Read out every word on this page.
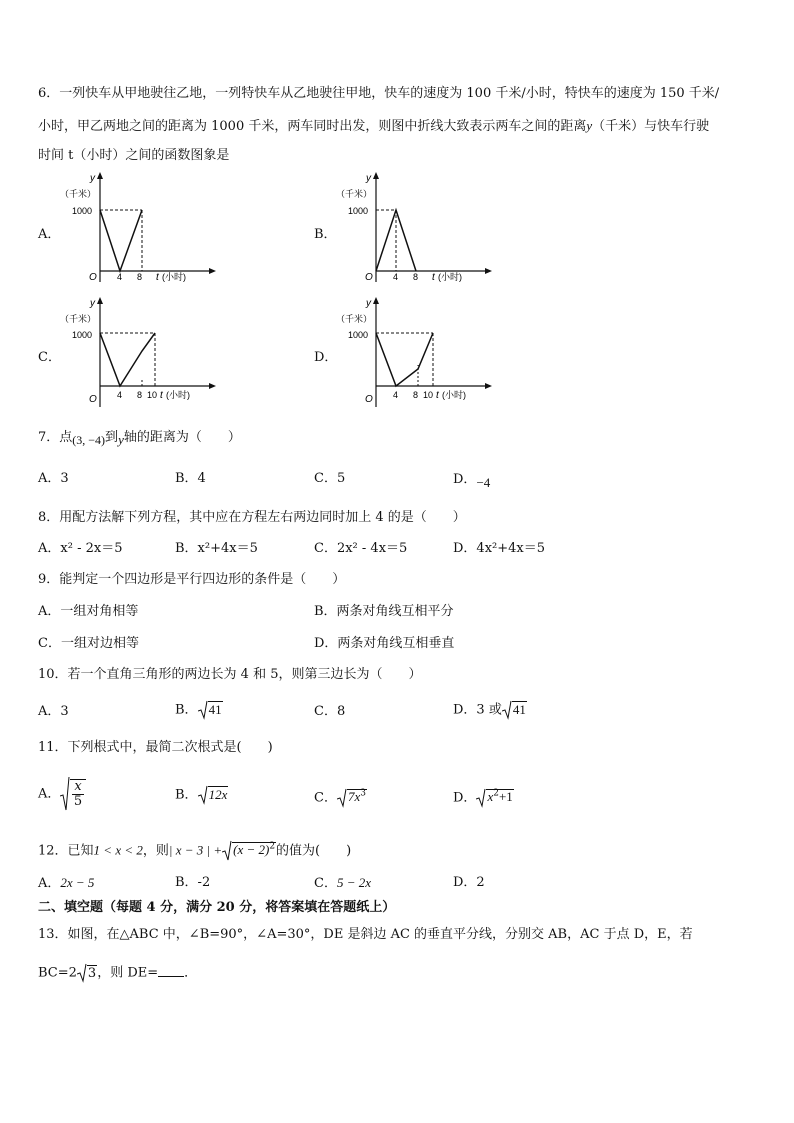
6．一列快车从甲地驶往乙地，一列特快车从乙地驶往甲地，快车的速度为 100 千米/小时，特快车的速度为 150 千米/
小时，甲乙两地之间的距离为 1000 千米，两车同时出发，则图中折线大致表示两车之间的距离y（千米）与快车行驶
时间 t（小时）之间的函数图象是
A．	B．
C．	D．
y
（千米）
1000
O 4 8 t (小时)
y
（千米）
1000
O 4 8 t (小时)
y
（千米）
1000
O 4 8 10 t (小时)
y
（千米）
1000
O 4 8 10 t (小时)
7．点(3, −4)到y轴的距离为（　　）
A．3	B．4	C．5	D．−4
8．用配方法解下列方程，其中应在方程左右两边同时加上 4 的是（　　）
A．x² - 2x＝5	B．x²+4x＝5	C．2x² - 4x＝5	D．4x²+4x＝5
9．能判定一个四边形是平行四边形的条件是（　　）
A．一组对角相等	B．两条对角线互相平分
C．一组对边相等	D．两条对角线互相垂直
10．若一个直角三角形的两边长为 4 和 5，则第三边长为（　　）
A．3	B． 41	C．8	D．3 或 41
11．下列根式中，最简二次根式是(　　)
A． $\frac{x}{5}$	B． 12x	C． $7x^3$	D． $x^2+1$
12．已知1 < x < 2，则| x − 3 | + $(x - 2)^2$的值为(　　)
A．2x − 5	B．-2	C．5 − 2x	D．2
二、填空题（每题 4 分，满分 20 分，将答案填在答题纸上）
13．如图，在△ABC 中，∠B=90°，∠A=30°，DE 是斜边 AC 的垂直平分线，分别交 AB，AC 于点 D，E，若
BC=2 3，则 DE= ．
